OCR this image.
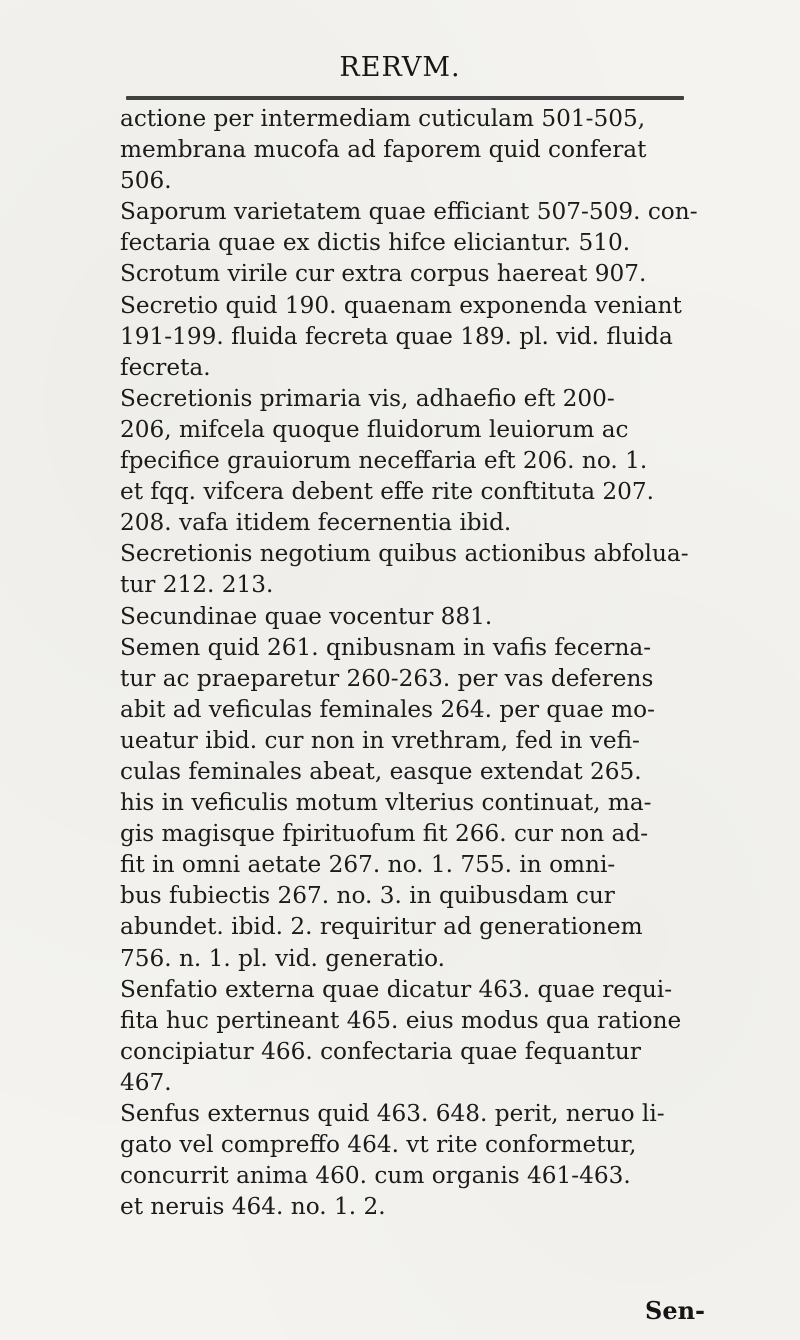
RERVM.

actione per intermediam cuticulam 501-505,
membrana mucofa ad faporem quid conferat
506.

Saporum varietatem quae efficiant 507-509. con-
fectaria quae ex dictis hifce eliciantur. 510.

Scrotum virile cur extra corpus haereat 907.

Secretio quid 190. quaenam exponenda veniant
191-199. fluida fecreta quae 189. pl. vid. fluida
fecreta.

Secretionis primaria vis, adhaefio eft 200-
206, mifcela quoque fluidorum leuiorum ac
fpecifice grauiorum neceffaria eft 206. no. 1.
et fqq. vifcera debent effe rite conftituta 207.
208. vafa itidem fecernentia ibid.

Secretionis negotium quibus actionibus abfolua-
tur 212. 213.

Secundinae quae vocentur 881.

Semen quid 261. qnibusnam in vafis fecerna-
tur ac praeparetur 260-263. per vas deferens
abit ad veficulas feminales 264. per quae mo-
ueatur ibid. cur non in vrethram, fed in vefi-
culas feminales abeat, easque extendat 265.
his in veficulis motum vlterius continuat, ma-
gis magisque fpirituofum fit 266. cur non ad-
fit in omni aetate 267. no. 1. 755. in omni-
bus fubiectis 267. no. 3. in quibusdam cur
abundet. ibid. 2. requiritur ad generationem
756. n. 1. pl. vid. generatio.

Senfatio externa quae dicatur 463. quae requi-
fita huc pertineant 465. eius modus qua ratione
concipiatur 466. confectaria quae fequantur
467.

Senfus externus quid 463. 648. perit, neruo li-
gato vel compreffo 464. vt rite conformetur,
concurrit anima 460. cum organis 461-463.
et neruis 464. no. 1. 2.

Sen-
